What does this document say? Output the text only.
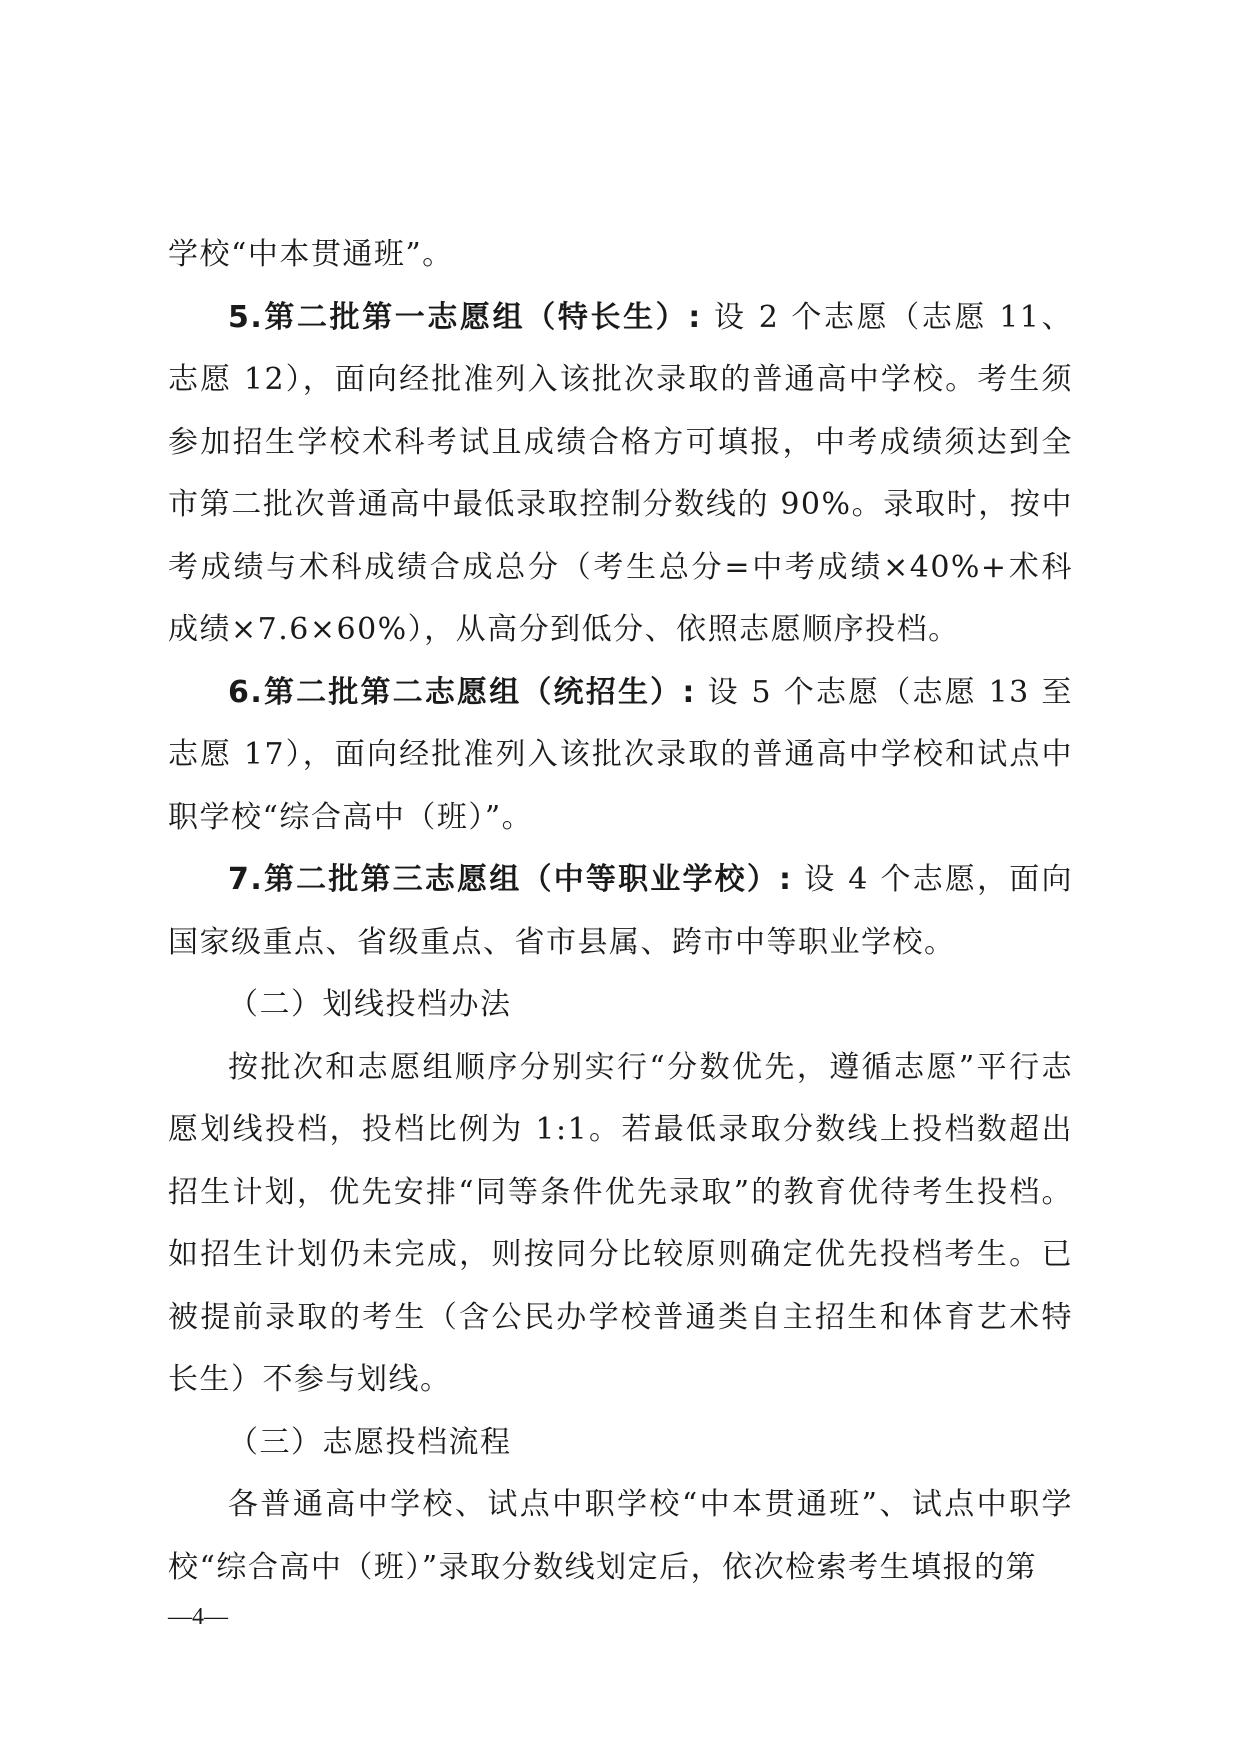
学校“中本贯通班”。

5.第二批第一志愿组（特长生）: 设 2 个志愿（志愿 11、志愿 12），面向经批准列入该批次录取的普通高中学校。考生须参加招生学校术科考试且成绩合格方可填报，中考成绩须达到全市第二批次普通高中最低录取控制分数线的 90%。录取时，按中考成绩与术科成绩合成总分（考生总分=中考成绩×40%+术科成绩×7.6×60%），从高分到低分、依照志愿顺序投档。

6.第二批第二志愿组（统招生）: 设 5 个志愿（志愿 13 至志愿 17），面向经批准列入该批次录取的普通高中学校和试点中职学校“综合高中（班）”。

7.第二批第三志愿组（中等职业学校）: 设 4 个志愿，面向国家级重点、省级重点、省市县属、跨市中等职业学校。

（二）划线投档办法

按批次和志愿组顺序分别实行“分数优先，遵循志愿”平行志愿划线投档，投档比例为 1:1。若最低录取分数线上投档数超出招生计划，优先安排“同等条件优先录取”的教育优待考生投档。如招生计划仍未完成，则按同分比较原则确定优先投档考生。已被提前录取的考生（含公民办学校普通类自主招生和体育艺术特长生）不参与划线。

（三）志愿投档流程

各普通高中学校、试点中职学校“中本贯通班”、试点中职学校“综合高中（班）”录取分数线划定后，依次检索考生填报的第

—4—
